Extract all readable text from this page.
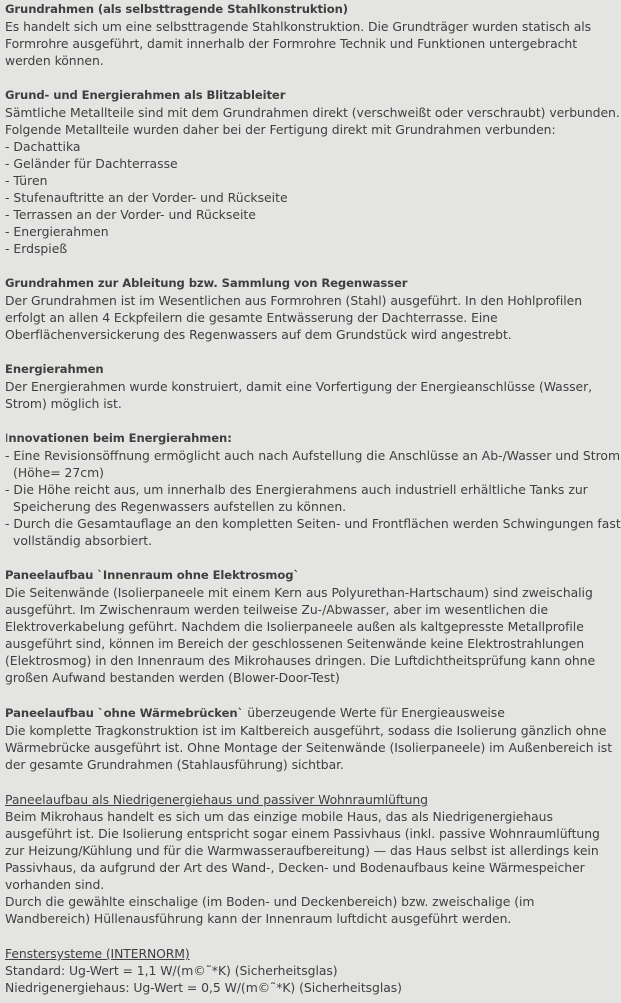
Grundrahmen (als selbsttragende Stahlkonstruktion)

Es handelt sich um eine selbsttragende Stahlkonstruktion. Die Grundträger wurden statisch als Formrohre ausgeführt, damit innerhalb der Formrohre Technik und Funktionen untergebracht werden können.

Grund- und Energierahmen als Blitzableiter

Sämtliche Metallteile sind mit dem Grundrahmen direkt (verschweißt oder verschraubt) verbunden.

Folgende Metallteile wurden daher bei der Fertigung direkt mit Grundrahmen verbunden:

- Dachattika
- Geländer für Dachterrasse
- Türen
- Stufenauftritte an der Vorder- und Rückseite
- Terrassen an der Vorder- und Rückseite
- Energierahmen
- Erdspieß

Grundrahmen zur Ableitung bzw. Sammlung von Regenwasser

Der Grundrahmen ist im Wesentlichen aus Formrohren (Stahl) ausgeführt. In den Hohlprofilen erfolgt an allen 4 Eckpfeilern die gesamte Entwässerung der Dachterrasse. Eine Oberflächenversickerung des Regenwassers auf dem Grundstück wird angestrebt.

Energierahmen

Der Energierahmen wurde konstruiert, damit eine Vorfertigung der Energieanschlüsse (Wasser, Strom) möglich ist.

Innovationen beim Energierahmen:

- Eine Revisionsöffnung ermöglicht auch nach Aufstellung die Anschlüsse an Ab-/Wasser und Strom (Höhe= 27cm)
- Die Höhe reicht aus, um innerhalb des Energierahmens auch industriell erhältliche Tanks zur Speicherung des Regenwassers aufstellen zu können.
- Durch die Gesamtauflage an den kompletten Seiten- und Frontflächen werden Schwingungen fast vollständig absorbiert.

Paneelaufbau `Innenraum ohne Elektrosmog`

Die Seitenwände (Isolierpaneele mit einem Kern aus Polyurethan-Hartschaum) sind zweischalig ausgeführt. Im Zwischenraum werden teilweise Zu-/Abwasser, aber im wesentlichen die Elektroverkabelung geführt. Nachdem die Isolierpaneele außen als kaltgepresste Metallprofile ausgeführt sind, können im Bereich der geschlossenen Seitenwände keine Elektrostrahlungen (Elektrosmog) in den Innenraum des Mikrohauses dringen. Die Luftdichtheitsprüfung kann ohne großen Aufwand bestanden werden (Blower-Door-Test)

Paneelaufbau `ohne Wärmebrücken` überzeugende Werte für Energieausweise

Die komplette Tragkonstruktion ist im Kaltbereich ausgeführt, sodass die Isolierung gänzlich ohne Wärmebrücke ausgeführt ist. Ohne Montage der Seitenwände (Isolierpaneele) im Außenbereich ist der gesamte Grundrahmen (Stahlausführung) sichtbar.

Paneelaufbau als Niedrigenergiehaus und passiver Wohnraumlüftung

Beim Mikrohaus handelt es sich um das einzige mobile Haus, das als Niedrigenergiehaus ausgeführt ist. Die Isolierung entspricht sogar einem Passivhaus (inkl. passive Wohnraumlüftung zur Heizung/Kühlung und für die Warmwasseraufbereitung) — das Haus selbst ist allerdings kein Passivhaus, da aufgrund der Art des Wand-, Decken- und Bodenaufbaus keine Wärmespeicher vorhanden sind.

Durch die gewählte einschalige (im Boden- und Deckenbereich) bzw. zweischalige (im Wandbereich) Hüllenausführung kann der Innenraum luftdicht ausgeführt werden.

Fenstersysteme (INTERNORM)

Standard: Ug-Wert = 1,1 W/(m©˜*K) (Sicherheitsglas)

Niedrigenergiehaus: Ug-Wert = 0,5 W/(m©˜*K) (Sicherheitsglas)
